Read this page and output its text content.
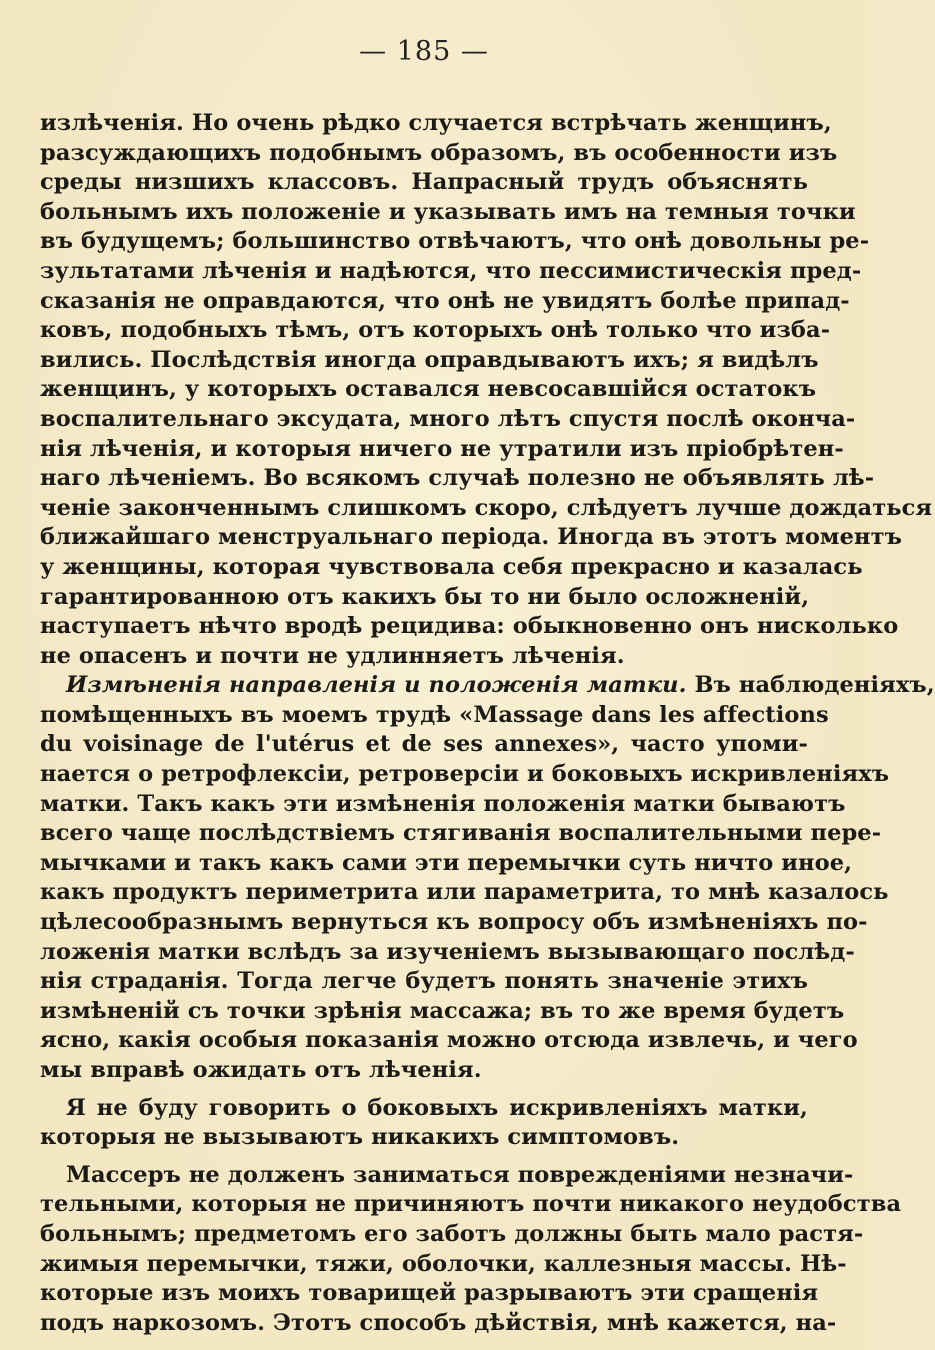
— 185 —

излѣченія. Но очень рѣдко случается встрѣчать женщинъ,
разсуждающихъ подобнымъ образомъ, въ особенности изъ
среды низшихъ классовъ. Напрасный трудъ объяснять
больнымъ ихъ положеніе и указывать имъ на темныя точки
въ будущемъ; большинство отвѣчаютъ, что онѣ довольны ре-
зультатами лѣченія и надѣются, что пессимистическія пред-
сказанія не оправдаются, что онѣ не увидятъ болѣе припад-
ковъ, подобныхъ тѣмъ, отъ которыхъ онѣ только что изба-
вились. Послѣдствія иногда оправдываютъ ихъ; я видѣлъ
женщинъ, у которыхъ оставался невсосавшійся остатокъ
воспалительнаго эксудата, много лѣтъ спустя послѣ оконча-
нія лѣченія, и которыя ничего не утратили изъ пріобрѣтен-
наго лѣченіемъ. Во всякомъ случаѣ полезно не объявлять лѣ-
ченіе законченнымъ слишкомъ скоро, слѣдуетъ лучше дождаться
ближайшаго менструальнаго періода. Иногда въ этотъ моментъ
у женщины, которая чувствовала себя прекрасно и казалась
гарантированною отъ какихъ бы то ни было осложненій,
наступаетъ нѣчто вродѣ рецидива: обыкновенно онъ нисколько
не опасенъ и почти не удлинняетъ лѣченія.

Измѣненія направленія и положенія матки. Въ наблюденіяхъ,
помѣщенныхъ въ моемъ трудѣ «Massage dans les affections
du voisinage de l'utérus et de ses annexes», часто упоми-
нается о ретрофлексіи, ретроверсіи и боковыхъ искривленіяхъ
матки. Такъ какъ эти измѣненія положенія матки бываютъ
всего чаще послѣдствіемъ стягиванія воспалительными пере-
мычками и такъ какъ сами эти перемычки суть ничто иное,
какъ продуктъ периметрита или параметрита, то мнѣ казалось
цѣлесообразнымъ вернуться къ вопросу объ измѣненіяхъ по-
ложенія матки вслѣдъ за изученіемъ вызывающаго послѣд-
нія страданія. Тогда легче будетъ понять значеніе этихъ
измѣненій съ точки зрѣнія массажа; въ то же время будетъ
ясно, какія особыя показанія можно отсюда извлечь, и чего
мы вправѣ ожидать отъ лѣченія.

Я не буду говорить о боковыхъ искривленіяхъ матки,
которыя не вызываютъ никакихъ симптомовъ.

Массеръ не долженъ заниматься поврежденіями незначи-
тельными, которыя не причиняютъ почти никакого неудобства
больнымъ; предметомъ его заботъ должны быть мало растя-
жимыя перемычки, тяжи, оболочки, каллезныя массы. Нѣ-
которые изъ моихъ товарищей разрываютъ эти сращенія
подъ наркозомъ. Этотъ способъ дѣйствія, мнѣ кажется, на-
